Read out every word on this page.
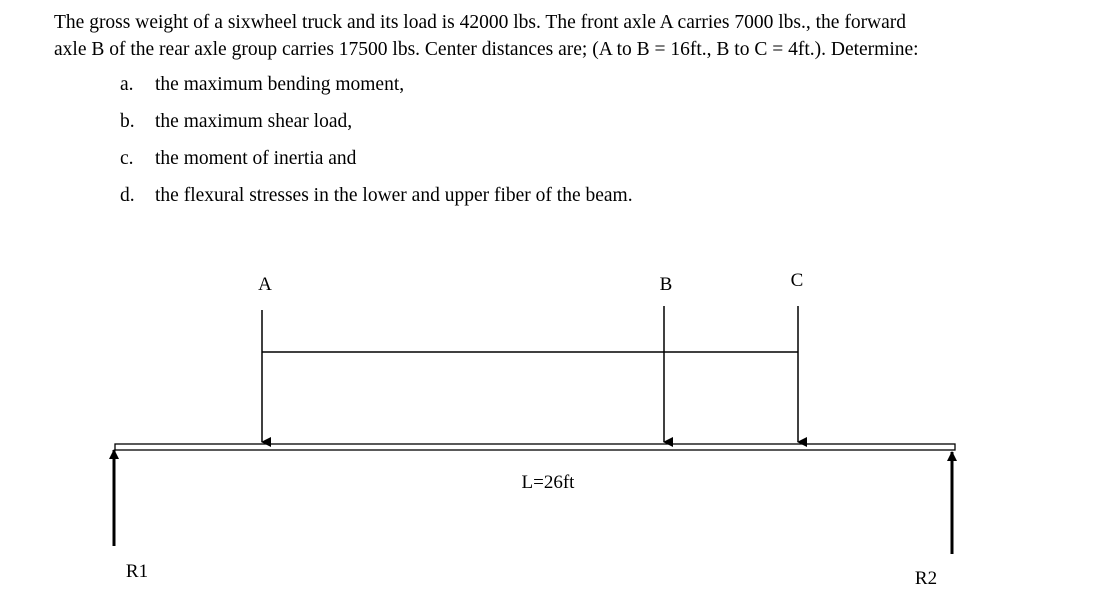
The gross weight of a sixwheel truck and its load is 42000 lbs. The front axle A carries 7000 lbs., the forward

axle B of the rear axle group carries 17500 lbs. Center distances are; (A to B = 16ft., B to C = 4ft.). Determine:

a.	the maximum bending moment,
b.	the maximum shear load,
c.	the moment of inertia and
d.	the flexural stresses in the lower and upper fiber of the beam.
A	B	C
L=26ft
R1	R2
